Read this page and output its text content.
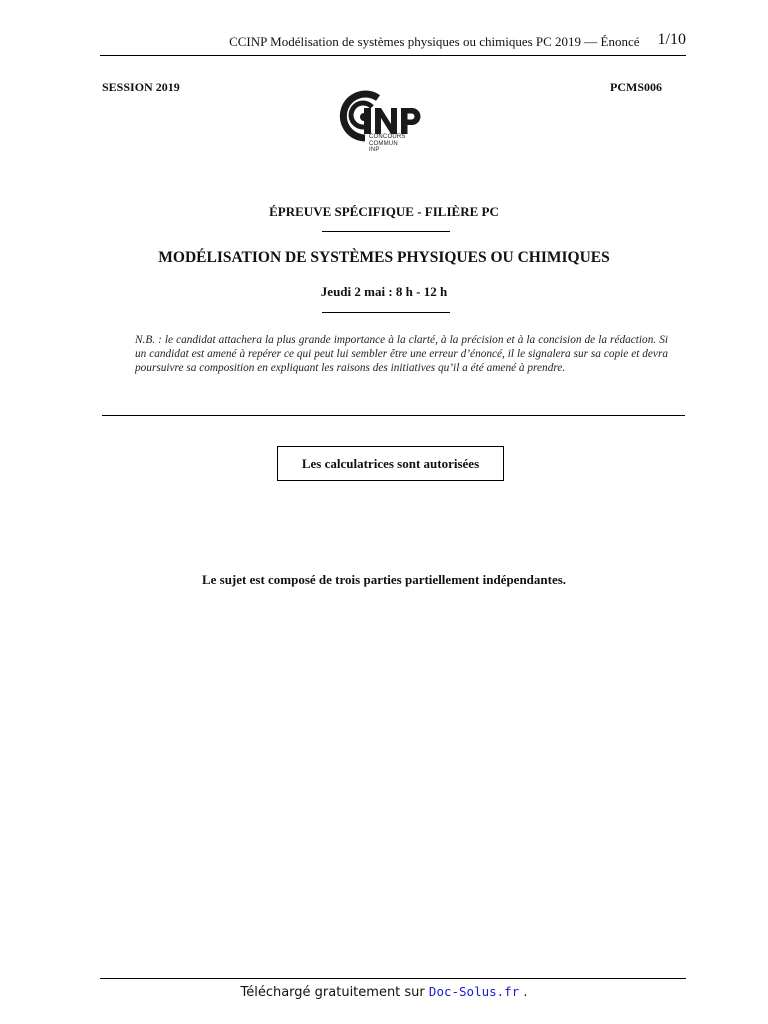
CCINP Modélisation de systèmes physiques ou chimiques PC 2019 — Énoncé 1/10
SESSION 2019	PCMS006
CONCOURS
COMMUN
INP
ÉPREUVE SPÉCIFIQUE - FILIÈRE PC
MODÉLISATION DE SYSTÈMES PHYSIQUES OU CHIMIQUES
Jeudi 2 mai : 8 h - 12 h
N.B. : le candidat attachera la plus grande importance à la clarté, à la précision et à la concision de la rédaction. Si un candidat est amené à repérer ce qui peut lui sembler être une erreur d’énoncé, il le signalera sur sa copie et devra poursuivre sa composition en expliquant les raisons des initiatives qu’il a été amené à prendre.
Les calculatrices sont autorisées
Le sujet est composé de trois parties partiellement indépendantes.
Téléchargé gratuitement sur Doc-Solus.fr .
